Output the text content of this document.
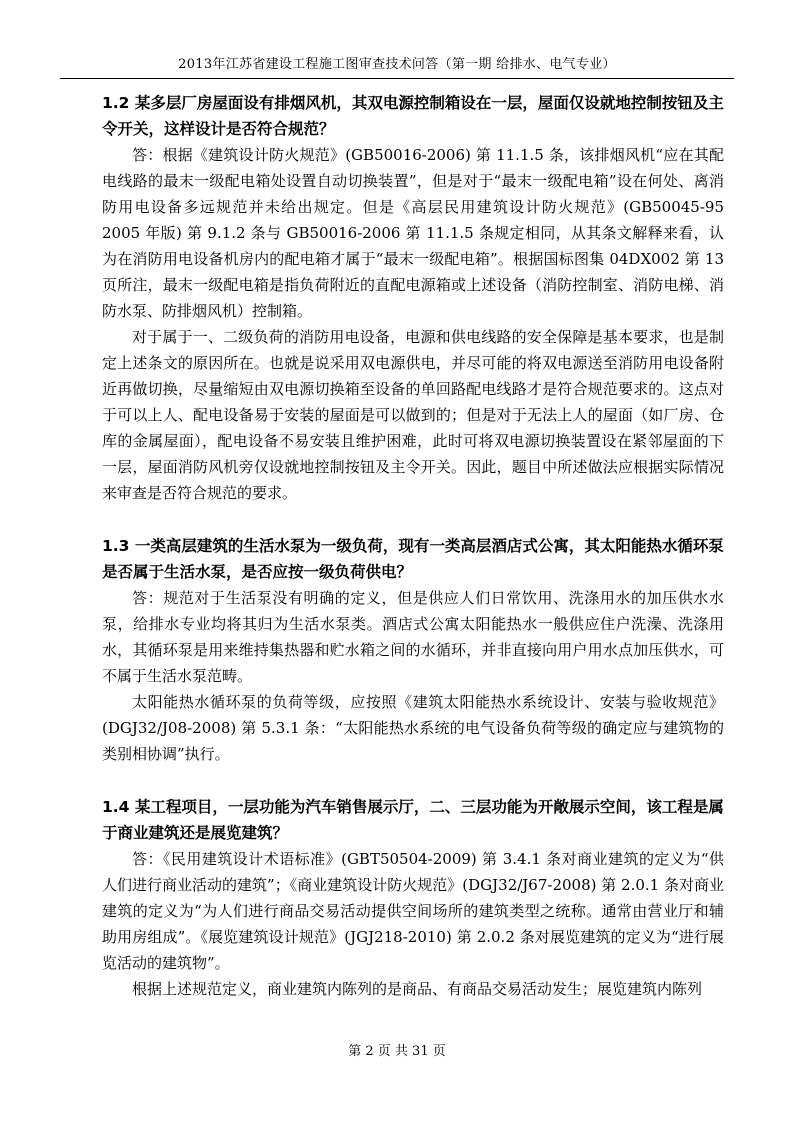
2013年江苏省建设工程施工图审查技术问答（第一期 给排水、电气专业）

1.2 某多层厂房屋面设有排烟风机，其双电源控制箱设在一层，屋面仅设就地控制按钮及主令开关，这样设计是否符合规范？

答：根据《建筑设计防火规范》(GB50016-2006) 第 11.1.5 条，该排烟风机“应在其配电线路的最末一级配电箱处设置自动切换装置”，但是对于“最末一级配电箱”设在何处、离消防用电设备多远规范并未给出规定。但是《高层民用建筑设计防火规范》(GB50045-95 2005 年版) 第 9.1.2 条与 GB50016-2006 第 11.1.5 条规定相同，从其条文解释来看，认为在消防用电设备机房内的配电箱才属于“最末一级配电箱”。根据国标图集 04DX002 第 13 页所注，最末一级配电箱是指负荷附近的直配电源箱或上述设备（消防控制室、消防电梯、消防水泵、防排烟风机）控制箱。

对于属于一、二级负荷的消防用电设备，电源和供电线路的安全保障是基本要求，也是制定上述条文的原因所在。也就是说采用双电源供电，并尽可能的将双电源送至消防用电设备附近再做切换，尽量缩短由双电源切换箱至设备的单回路配电线路才是符合规范要求的。这点对于可以上人、配电设备易于安装的屋面是可以做到的；但是对于无法上人的屋面（如厂房、仓库的金属屋面），配电设备不易安装且维护困难，此时可将双电源切换装置设在紧邻屋面的下一层，屋面消防风机旁仅设就地控制按钮及主令开关。因此，题目中所述做法应根据实际情况来审查是否符合规范的要求。

1.3 一类高层建筑的生活水泵为一级负荷，现有一类高层酒店式公寓，其太阳能热水循环泵是否属于生活水泵，是否应按一级负荷供电？

答：规范对于生活泵没有明确的定义，但是供应人们日常饮用、洗涤用水的加压供水水泵，给排水专业均将其归为生活水泵类。酒店式公寓太阳能热水一般供应住户洗澡、洗涤用水，其循环泵是用来维持集热器和贮水箱之间的水循环，并非直接向用户用水点加压供水，可不属于生活水泵范畴。

太阳能热水循环泵的负荷等级，应按照《建筑太阳能热水系统设计、安装与验收规范》(DGJ32/J08-2008) 第 5.3.1 条：“太阳能热水系统的电气设备负荷等级的确定应与建筑物的类别相协调”执行。

1.4 某工程项目，一层功能为汽车销售展示厅，二、三层功能为开敞展示空间，该工程是属于商业建筑还是展览建筑？

答：《民用建筑设计术语标准》(GBT50504-2009) 第 3.4.1 条对商业建筑的定义为“供人们进行商业活动的建筑”；《商业建筑设计防火规范》(DGJ32/J67-2008) 第 2.0.1 条对商业建筑的定义为“为人们进行商品交易活动提供空间场所的建筑类型之统称。通常由营业厅和辅助用房组成”。《展览建筑设计规范》(JGJ218-2010) 第 2.0.2 条对展览建筑的定义为“进行展览活动的建筑物”。

根据上述规范定义，商业建筑内陈列的是商品、有商品交易活动发生；展览建筑内陈列

第 2 页 共 31 页
